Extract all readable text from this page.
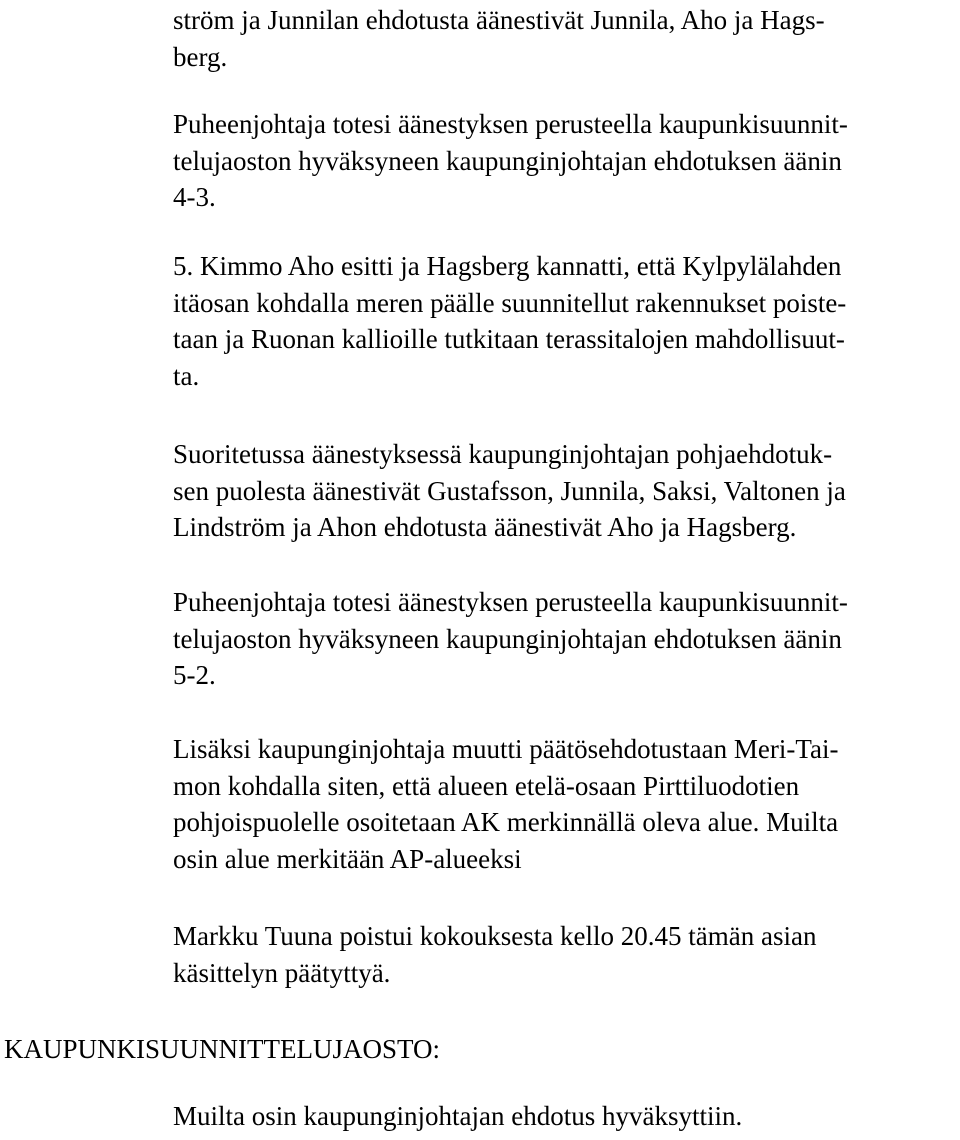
ström ja Junnilan ehdotusta äänestivät Junnila, Aho ja Hags-
berg.

Puheenjohtaja totesi äänestyksen perusteella kaupunkisuunnit-
telujaoston hyväksyneen kaupunginjohtajan ehdotuksen äänin
4-3.

5. Kimmo Aho esitti ja Hagsberg kannatti, että Kylpylälahden
itäosan kohdalla meren päälle suunnitellut rakennukset poiste-
taan ja Ruonan kallioille tutkitaan terassitalojen mahdollisuut-
ta.

Suoritetussa äänestyksessä kaupunginjohtajan pohjaehdotuk-
sen puolesta äänestivät Gustafsson, Junnila, Saksi, Valtonen ja
Lindström ja Ahon ehdotusta äänestivät Aho ja Hagsberg.

Puheenjohtaja totesi äänestyksen perusteella kaupunkisuunnit-
telujaoston hyväksyneen kaupunginjohtajan ehdotuksen äänin
5-2.

Lisäksi kaupunginjohtaja muutti päätösehdotustaan Meri-Tai-
mon kohdalla siten, että alueen etelä-osaan Pirttiluodotien
pohjoispuolelle osoitetaan AK merkinnällä oleva alue. Muilta
osin alue merkitään AP-alueeksi

Markku Tuuna poistui kokouksesta kello 20.45 tämän asian
käsittelyn päätyttyä.

KAUPUNKISUUNNITTELUJAOSTO:

Muilta osin kaupunginjohtajan ehdotus hyväksyttiin.
